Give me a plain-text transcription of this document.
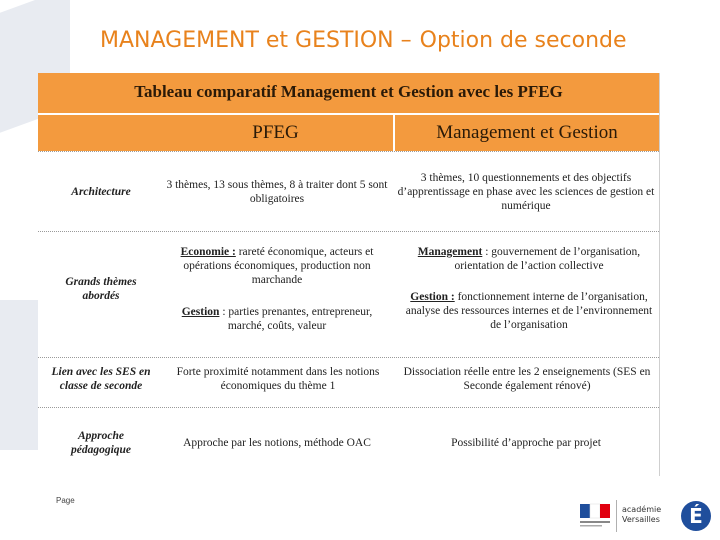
MANAGEMENT et GESTION – Option de seconde
Tableau comparatif Management et Gestion avec les PFEG
PFEG	Management et Gestion
Architecture
3 thèmes, 13 sous thèmes, 8 à traiter dont 5 sont obligatoires
3 thèmes, 10 questionnements et des objectifs d’apprentissage en phase avec les sciences de gestion et numérique
Grands thèmes abordés
Economie : rareté économique, acteurs et opérations économiques, production non marchande
Gestion : parties prenantes, entrepreneur, marché, coûts, valeur
Management : gouvernement de l’organisation, orientation de l’action collective
Gestion : fonctionnement interne de l’organisation, analyse des ressources internes et de l’environnement de l’organisation
Lien avec les SES en classe de seconde
Forte proximité notamment dans les notions économiques du thème 1
Dissociation réelle entre les 2 enseignements (SES en Seconde également rénové)
Approche pédagogique
Approche par les notions, méthode OAC	Possibilité d’approche par projet
Page
É
académie
Versailles
